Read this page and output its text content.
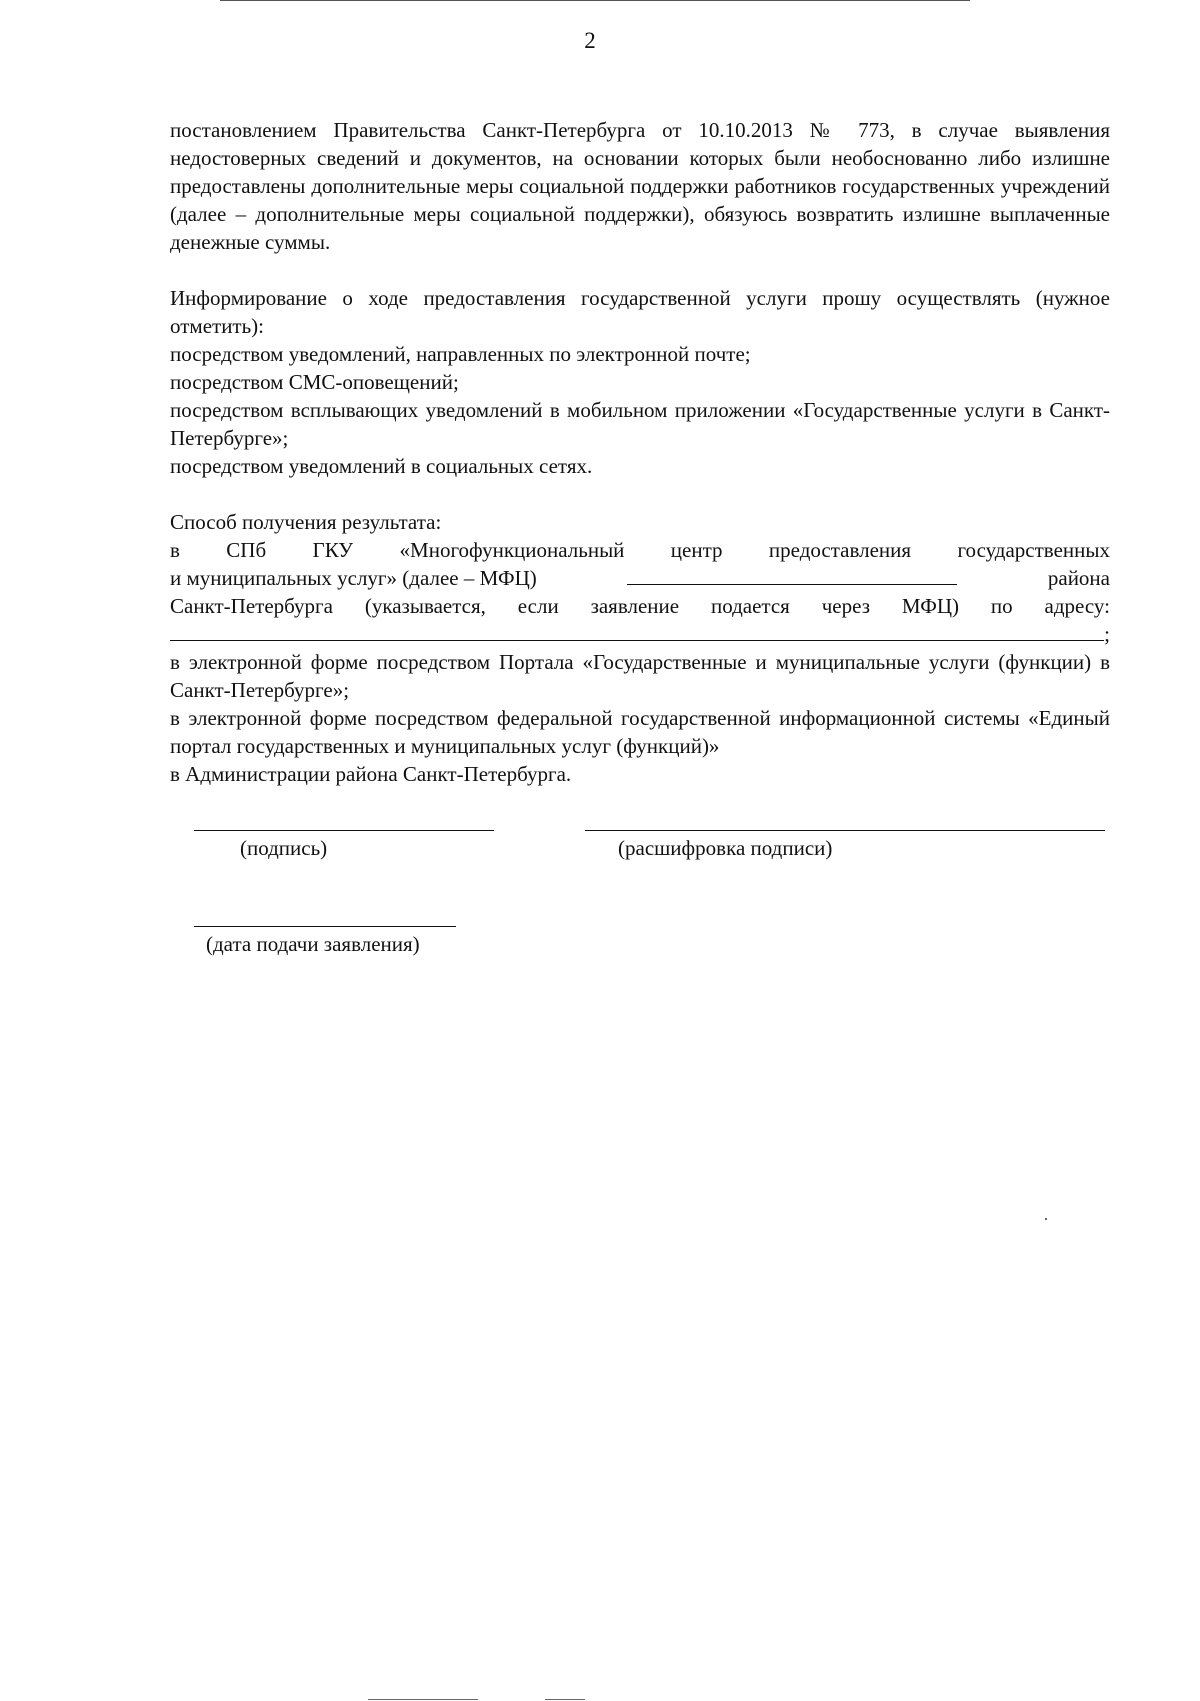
2

постановлением Правительства Санкт-Петербурга от 10.10.2013 № 773, в случае выявления недостоверных сведений и документов, на основании которых были необоснованно либо излишне предоставлены дополнительные меры социальной поддержки работников государственных учреждений (далее – дополнительные меры социальной поддержки), обязуюсь возвратить излишне выплаченные денежные суммы.

Информирование о ходе предоставления государственной услуги прошу осуществлять (нужное отметить):

посредством уведомлений, направленных по электронной почте;
посредством СМС-оповещений;

посредством всплывающих уведомлений в мобильном приложении «Государственные услуги в Санкт-Петербурге»;

посредством уведомлений в социальных сетях.
Способ получения результата:
в СПб ГКУ «Многофункциональный центр предоставления государственных
и муниципальных услуг» (далее – МФЦ)	района
Санкт-Петербурга (указывается, если заявление подается через МФЦ) по адресу:
;

в электронной форме посредством Портала «Государственные и муниципальные услуги (функции) в Санкт-Петербурге»;

в электронной форме посредством федеральной государственной информационной системы «Единый портал государственных и муниципальных услуг (функций)»

в Администрации района Санкт-Петербурга.
(подпись)	(расшифровка подписи)
(дата подачи заявления)
